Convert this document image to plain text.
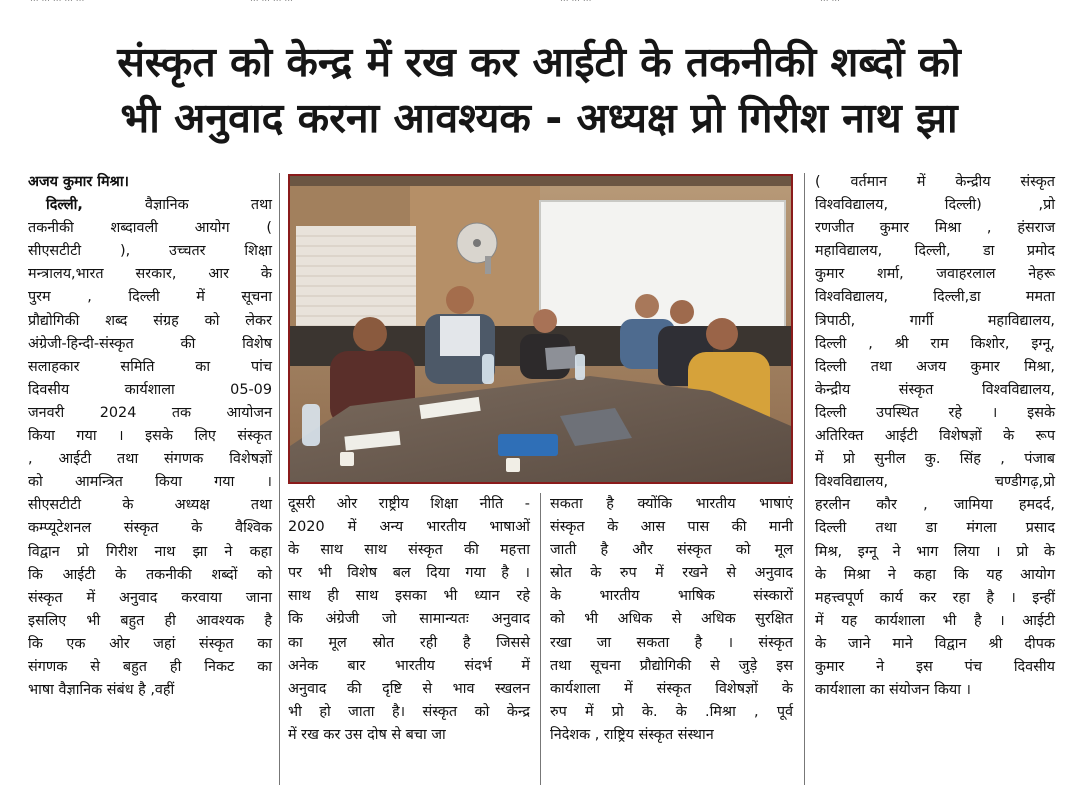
संस्कृत को केन्द्र में रख कर आईटी के तकनीकी शब्दों को
भी अनुवाद करना आवश्यक - अध्यक्ष प्रो गिरीश नाथ झा
अजय कुमार मिश्रा।
दिल्ली, वैज्ञानिक तथा
तकनीकी शब्दावली आयोग (
सीएसटीटी ), उच्चतर शिक्षा
मन्त्रालय,भारत सरकार, आर के
पुरम , दिल्ली में सूचना
प्रौद्योगिकी शब्द संग्रह को लेकर
अंग्रेजी-हिन्दी-संस्कृत की विशेष
सलाहकार समिति का पांच
दिवसीय कार्यशाला 05-09
जनवरी 2024 तक आयोजन
किया गया । इसके लिए संस्कृत
, आईटी तथा संगणक विशेषज्ञों
को आमन्त्रित किया गया ।
सीएसटीटी के अध्यक्ष तथा
कम्प्यूटेशनल संस्कृत के वैश्विक
विद्वान प्रो गिरीश नाथ झा ने कहा
कि आईटी के तकनीकी शब्दों को
संस्कृत में अनुवाद करवाया जाना
इसलिए भी बहुत ही आवश्यक है
कि एक ओर जहां संस्कृत का
संगणक से बहुत ही निकट का
भाषा वैज्ञानिक संबंध है ,वहीं
दूसरी ओर राष्ट्रीय शिक्षा नीति -
2020 में अन्य भारतीय भाषाओं
के साथ साथ संस्कृत की महत्ता
पर भी विशेष बल दिया गया है ।
साथ ही साथ इसका भी ध्यान रहे
कि अंग्रेजी जो सामान्यतः अनुवाद
का मूल स्रोत रही है जिससे
अनेक बार भारतीय संदर्भ में
अनुवाद की दृष्टि से भाव स्खलन
भी हो जाता है। संस्कृत को केन्द्र
में रख कर उस दोष से बचा जा
सकता है क्योंकि भारतीय भाषाएं
संस्कृत के आस पास की मानी
जाती है और संस्कृत को मूल
स्रोत के रुप में रखने से अनुवाद
के भारतीय भाषिक संस्कारों
को भी अधिक से अधिक सुरक्षित
रखा जा सकता है । संस्कृत
तथा सूचना प्रौद्योगिकी से जुड़े इस
कार्यशाला में संस्कृत विशेषज्ञों के
रुप में प्रो के. के .मिश्रा , पूर्व
निदेशक , राष्ट्रिय संस्कृत संस्थान
( वर्तमान में केन्द्रीय संस्कृत
विश्वविद्यालय, दिल्ली) ,प्रो
रणजीत कुमार मिश्रा , हंसराज
महाविद्यालय, दिल्ली, डा प्रमोद
कुमार शर्मा, जवाहरलाल नेहरू
विश्वविद्यालय, दिल्ली,डा ममता
त्रिपाठी, गार्गी महाविद्यालय,
दिल्ली , श्री राम किशोर, इग्नू,
दिल्ली तथा अजय कुमार मिश्रा,
केन्द्रीय संस्कृत विश्वविद्यालय,
दिल्ली उपस्थित रहे । इसके
अतिरिक्त आईटी विशेषज्ञों के रूप
में प्रो सुनील कु. सिंह , पंजाब
विश्वविद्यालय, चण्डीगढ़,प्रो
हरलीन कौर , जामिया हमदर्द,
दिल्ली तथा डा मंगला प्रसाद
मिश्र, इग्नू ने भाग लिया । प्रो के
के मिश्रा ने कहा कि यह आयोग
महत्त्वपूर्ण कार्य कर रहा है । इन्हीं
में यह कार्यशाला भी है । आईटी
के जाने माने विद्वान श्री दीपक
कुमार ने इस पंच दिवसीय
कार्यशाला का संयोजन किया ।
